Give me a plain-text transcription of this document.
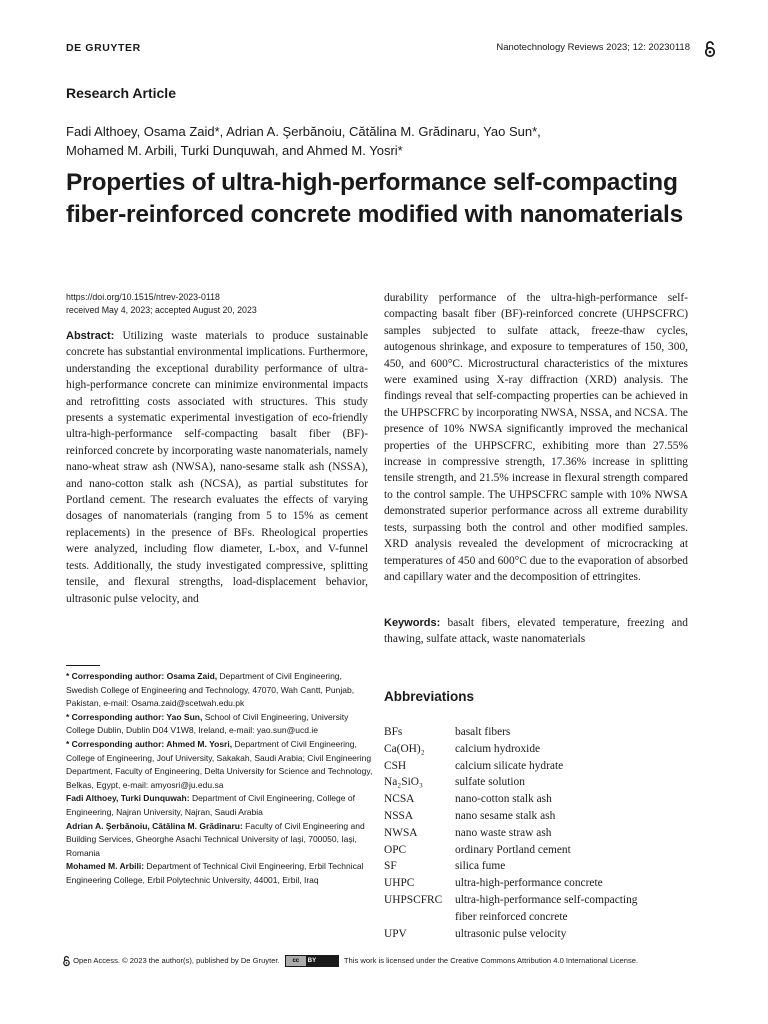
DE GRUYTER	Nanotechnology Reviews 2023; 12: 20230118
Research Article
Fadi Althoey, Osama Zaid*, Adrian A. Şerbănoiu, Cătălina M. Grădinaru, Yao Sun*,
Mohamed M. Arbili, Turki Dunquwah, and Ahmed M. Yosri*
Properties of ultra-high-performance self-compacting fiber-reinforced concrete modified with nanomaterials
https://doi.org/10.1515/ntrev-2023-0118
received May 4, 2023; accepted August 20, 2023
Abstract: Utilizing waste materials to produce sustainable concrete has substantial environmental implications. Furthermore, understanding the exceptional durability performance of ultra-high-performance concrete can minimize environmental impacts and retrofitting costs associated with structures. This study presents a systematic experimental investigation of eco-friendly ultra-high-performance self-compacting basalt fiber (BF)-reinforced concrete by incorporating waste nanomaterials, namely nano-wheat straw ash (NWSA), nano-sesame stalk ash (NSSA), and nano-cotton stalk ash (NCSA), as partial substitutes for Portland cement. The research evaluates the effects of varying dosages of nanomaterials (ranging from 5 to 15% as cement replacements) in the presence of BFs. Rheological properties were analyzed, including flow diameter, L-box, and V-funnel tests. Additionally, the study investigated compressive, splitting tensile, and flexural strengths, load-displacement behavior, ultrasonic pulse velocity, and
durability performance of the ultra-high-performance self-compacting basalt fiber (BF)-reinforced concrete (UHPSCFRC) samples subjected to sulfate attack, freeze-thaw cycles, autogenous shrinkage, and exposure to temperatures of 150, 300, 450, and 600°C. Microstructural characteristics of the mixtures were examined using X-ray diffraction (XRD) analysis. The findings reveal that self-compacting properties can be achieved in the UHPSCFRC by incorporating NWSA, NSSA, and NCSA. The presence of 10% NWSA significantly improved the mechanical properties of the UHPSCFRC, exhibiting more than 27.55% increase in compressive strength, 17.36% increase in splitting tensile strength, and 21.5% increase in flexural strength compared to the control sample. The UHPSCFRC sample with 10% NWSA demonstrated superior performance across all extreme durability tests, surpassing both the control and other modified samples. XRD analysis revealed the development of microcracking at temperatures of 450 and 600°C due to the evaporation of absorbed and capillary water and the decomposition of ettringites.
Keywords: basalt fibers, elevated temperature, freezing and thawing, sulfate attack, waste nanomaterials

* Corresponding author: Osama Zaid, Department of Civil Engineering, Swedish College of Engineering and Technology, 47070, Wah Cantt, Punjab, Pakistan, e-mail: Osama.zaid@scetwah.edu.pk

* Corresponding author: Yao Sun, School of Civil Engineering, University College Dublin, Dublin D04 V1W8, Ireland, e-mail: yao.sun@ucd.ie

* Corresponding author: Ahmed M. Yosri, Department of Civil Engineering, College of Engineering, Jouf University, Sakakah, Saudi Arabia; Civil Engineering Department, Faculty of Engineering, Delta University for Science and Technology, Belkas, Egypt, e-mail: amyosri@ju.edu.sa

Fadi Althoey, Turki Dunquwah: Department of Civil Engineering, College of Engineering, Najran University, Najran, Saudi Arabia

Adrian A. Şerbănoiu, Cătălina M. Grădinaru: Faculty of Civil Engineering and Building Services, Gheorghe Asachi Technical University of Iaşi, 700050, Iaşi, Romania

Mohamed M. Arbili: Department of Technical Civil Engineering, Erbil Technical Engineering College, Erbil Polytechnic University, 44001, Erbil, Iraq

Abbreviations
BFs	basalt fibers
Ca(OH)₂	calcium hydroxide
CSH	calcium silicate hydrate
Na₂SiO₃	sulfate solution
NCSA	nano-cotton stalk ash
NSSA	nano sesame stalk ash
NWSA	nano waste straw ash
OPC	ordinary Portland cement
SF	silica fume
UHPC	ultra-high-performance concrete
UHPSCFRC	ultra-high-performance self-compacting
	fiber reinforced concrete
UPV	ultrasonic pulse velocity
Open Access. © 2023 the author(s), published by De Gruyter.	cc	BY	This work is licensed under the Creative Commons Attribution 4.0 International License.
